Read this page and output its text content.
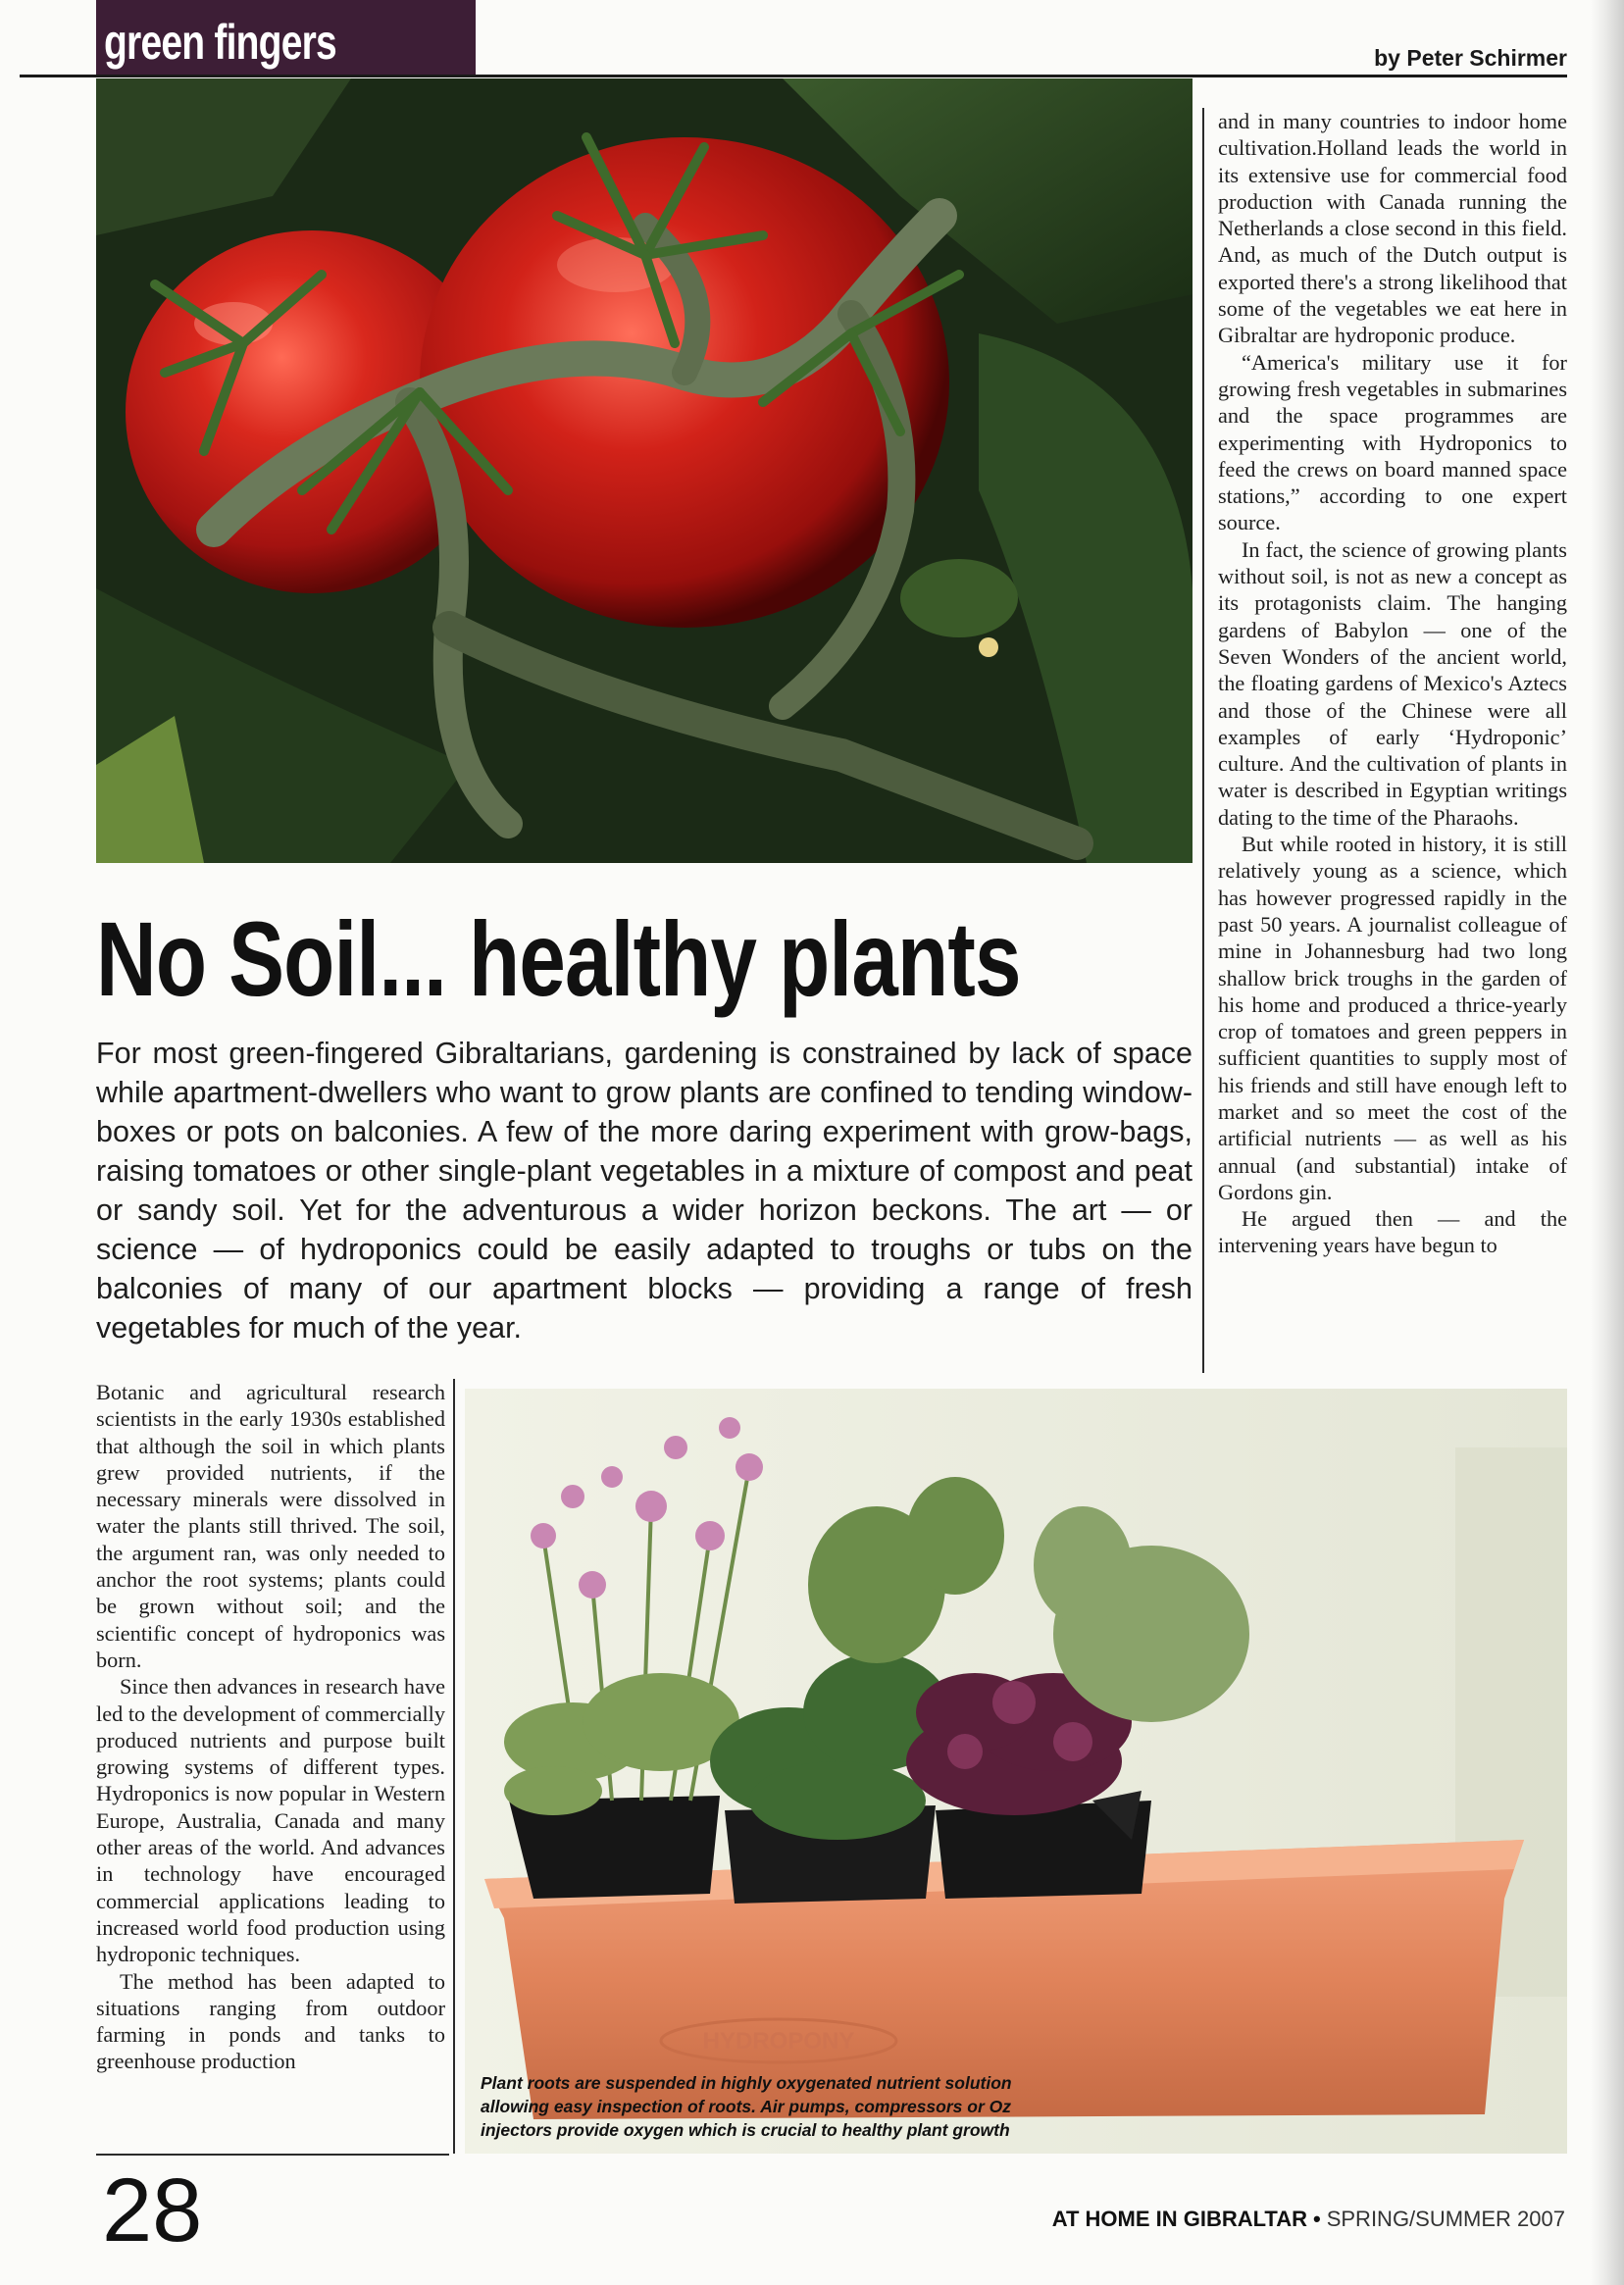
green fingers	by Peter Schirmer

and in many countries to indoor home cultivation.Holland leads the world in its extensive use for commercial food production with Canada running the Netherlands a close second in this field. And, as much of the Dutch output is exported there's a strong likelihood that some of the vegetables we eat here in Gibraltar are hydroponic produce.

“America's military use it for growing fresh vegetables in submarines and the space programmes are experimenting with Hydroponics to feed the crews on board manned space stations,” according to one expert source.

In fact, the science of growing plants without soil, is not as new a concept as its protagonists claim. The hanging gardens of Babylon — one of the Seven Wonders of the ancient world, the floating gardens of Mexico's Aztecs and those of the Chinese were all examples of early ‘Hydroponic’ culture. And the cultivation of plants in water is described in Egyptian writings dating to the time of the Pharaohs.

But while rooted in history, it is still relatively young as a science, which has however progressed rapidly in the past 50 years. A journalist colleague of mine in Johannesburg had two long shallow brick troughs in the garden of his home and produced a thrice-yearly crop of tomatoes and green peppers in sufficient quantities to supply most of his friends and still have enough left to market and so meet the cost of the artificial nutrients — as well as his annual (and substantial) intake of Gordons gin.

He argued then — and the intervening years have begun to

No Soil... healthy plants

For most green-fingered Gibraltarians, gardening is constrained by lack of space while apartment-dwellers who want to grow plants are confined to tending window-boxes or pots on balconies. A few of the more daring experiment with grow-bags, raising tomatoes or other single-plant vegetables in a mixture of compost and peat or sandy soil. Yet for the adventurous a wider horizon beckons. The art — or science — of hydroponics could be easily adapted to troughs or tubs on the balconies of many of our apartment blocks — providing a range of fresh vegetables for much of the year.

Botanic and agricultural research scientists in the early 1930s established that although the soil in which plants grew provided nutrients, if the necessary minerals were dissolved in water the plants still thrived. The soil, the argument ran, was only needed to anchor the root systems; plants could be grown without soil; and the scientific concept of hydroponics was born.

Since then advances in research have led to the development of commercially produced nutrients and purpose built growing systems of different types. Hydroponics is now popular in Western Europe, Australia, Canada and many other areas of the world. And advances in technology have encouraged commercial applications leading to increased world food production using hydroponic techniques.

The method has been adapted to situations ranging from outdoor farming in ponds and tanks to greenhouse production

HYDROPONY
Plant roots are suspended in highly oxygenated nutrient solution allowing easy inspection of roots. Air pumps, compressors or Oz injectors provide oxygen which is crucial to healthy plant growth
28	AT HOME IN GIBRALTAR • SPRING/SUMMER 2007
